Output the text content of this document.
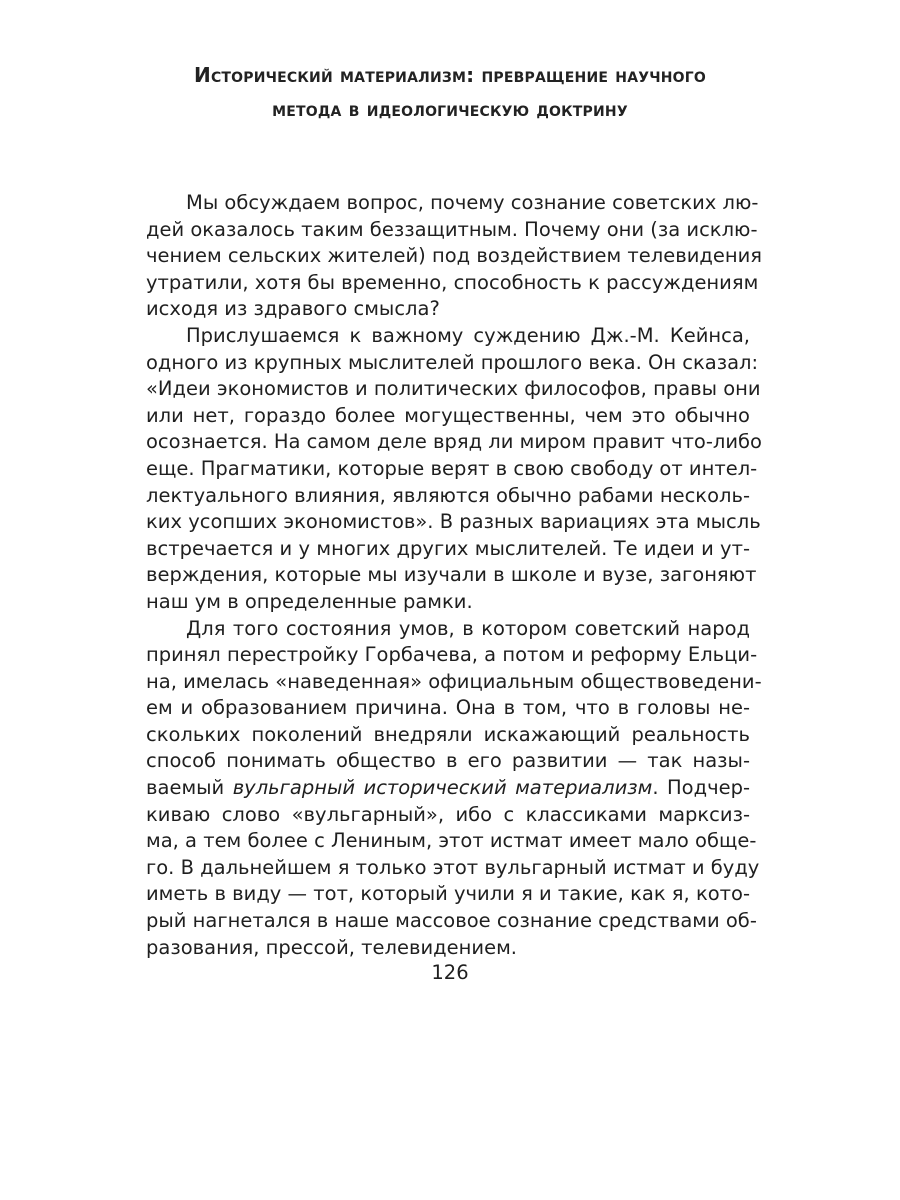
Исторический материализм: превращение научного
метода в идеологическую доктрину

Мы обсуждаем вопрос, почему сознание советских лю-
дей оказалось таким беззащитным. Почему они (за исклю-
чением сельских жителей) под воздействием телевидения
утратили, хотя бы временно, способность к рассуждениям
исходя из здравого смысла?

Прислушаемся к важному суждению Дж.-М. Кейнса,
одного из крупных мыслителей прошлого века. Он сказал:
«Идеи экономистов и политических философов, правы они
или нет, гораздо более могущественны, чем это обычно
осознается. На самом деле вряд ли миром правит что-либо
еще. Прагматики, которые верят в свою свободу от интел-
лектуального влияния, являются обычно рабами несколь-
ких усопших экономистов». В разных вариациях эта мысль
встречается и у многих других мыслителей. Те идеи и ут-
верждения, которые мы изучали в школе и вузе, загоняют
наш ум в определенные рамки.

Для того состояния умов, в котором советский народ
принял перестройку Горбачева, а потом и реформу Ельци-
на, имелась «наведенная» официальным обществоведени-
ем и образованием причина. Она в том, что в головы не-
скольких поколений внедряли искажающий реальность
способ понимать общество в его развитии — так назы-
ваемый вульгарный исторический материализм. Подчер-
киваю слово «вульгарный», ибо с классиками марксиз-
ма, а тем более с Лениным, этот истмат имеет мало обще-
го. В дальнейшем я только этот вульгарный истмат и буду
иметь в виду — тот, который учили я и такие, как я, кото-
рый нагнетался в наше массовое сознание средствами об-
разования, прессой, телевидением.

126
